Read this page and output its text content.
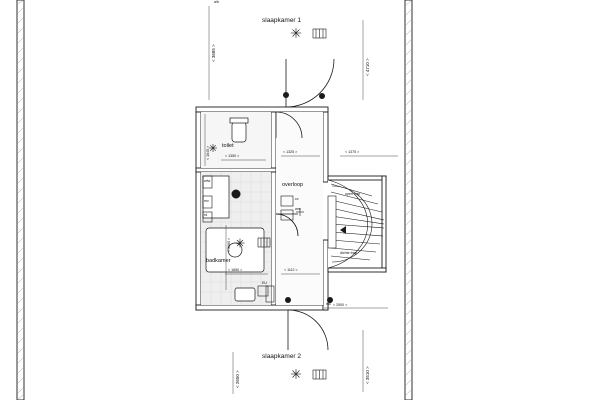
slaapkamer 1
slaapkamer 2
badkamer
toilet
overloop
open trap
dichte trap
< 3685 >
< 4710 >
< 1045 >	< 1350 >
< 1325 >	< 1375 >
< 3060 >
< 1650 >	< 1112 >
< 2500 >
< 3510 >
< 2650 >
mk
EU
wm
cv
wtw
mv
rd
a/b
